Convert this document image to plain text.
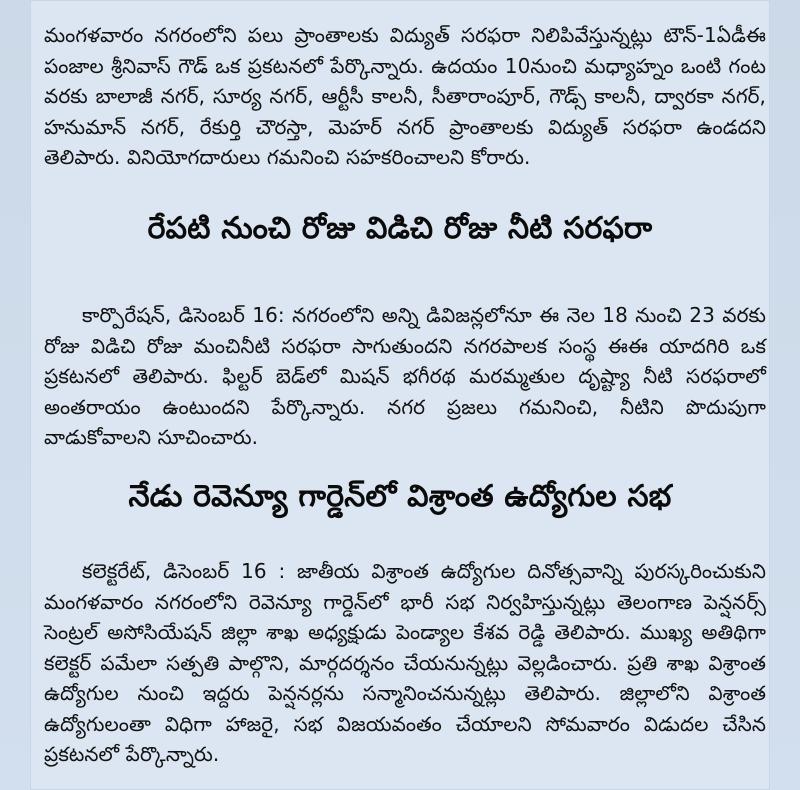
మంగళవారం నగరంలోని పలు ప్రాంతాలకు విద్యుత్ సరఫరా నిలిపివేస్తున్నట్లు టౌన్-1ఏడీఈ పంజాల శ్రీనివాస్ గౌడ్ ఒక ప్రకటనలో పేర్కొన్నారు. ఉదయం 10నుంచి మధ్యాహ్నం ఒంటి గంట వరకు బాలాజీ నగర్, సూర్య నగర్, ఆర్టీసీ కాలనీ, సీతారాంపూర్, గౌడ్స్ కాలనీ, ద్వారకా నగర్, హనుమాన్ నగర్, రేకుర్తి చౌరస్తా, మెహర్ నగర్ ప్రాంతాలకు విద్యుత్ సరఫరా ఉండదని తెలిపారు. వినియోగదారులు గమనించి సహకరించాలని కోరారు.

రేపటి నుంచి రోజు విడిచి రోజు నీటి సరఫరా

కార్పొరేషన్, డిసెంబర్ 16: నగరంలోని అన్ని డివిజన్లలోనూ ఈ నెల 18 నుంచి 23 వరకు రోజు విడిచి రోజు మంచినీటి సరఫరా సాగుతుందని నగరపాలక సంస్థ ఈఈ యాదగిరి ఒక ప్రకటనలో తెలిపారు. ఫిల్టర్ బెడ్‌లో మిషన్ భగీరథ మరమ్మతుల దృష్ట్యా నీటి సరఫరాలో అంతరాయం ఉంటుందని పేర్కొన్నారు. నగర ప్రజలు గమనించి, నీటిని పొదుపుగా వాడుకోవాలని సూచించారు.

నేడు రెవెన్యూ గార్డెన్‌లో విశ్రాంత ఉద్యోగుల సభ

కలెక్టరేట్, డిసెంబర్ 16 : జాతీయ విశ్రాంత ఉద్యోగుల దినోత్సవాన్ని పురస్కరించుకుని మంగళవారం నగరంలోని రెవెన్యూ గార్డెన్‌లో భారీ సభ నిర్వహిస్తున్నట్లు తెలంగాణ పెన్షనర్స్ సెంట్రల్ అసోసియేషన్ జిల్లా శాఖ అధ్యక్షుడు పెండ్యాల కేశవ రెడ్డి తెలిపారు. ముఖ్య అతిథిగా కలెక్టర్ పమేలా సత్పతి పాల్గొని, మార్గదర్శనం చేయనున్నట్లు వెల్లడించారు. ప్రతి శాఖ విశ్రాంత ఉద్యోగుల నుంచి ఇద్దరు పెన్షనర్లను సన్మానించనున్నట్లు తెలిపారు. జిల్లాలోని విశ్రాంత ఉద్యోగులంతా విధిగా హాజరై, సభ విజయవంతం చేయాలని సోమవారం విడుదల చేసిన ప్రకటనలో పేర్కొన్నారు.
